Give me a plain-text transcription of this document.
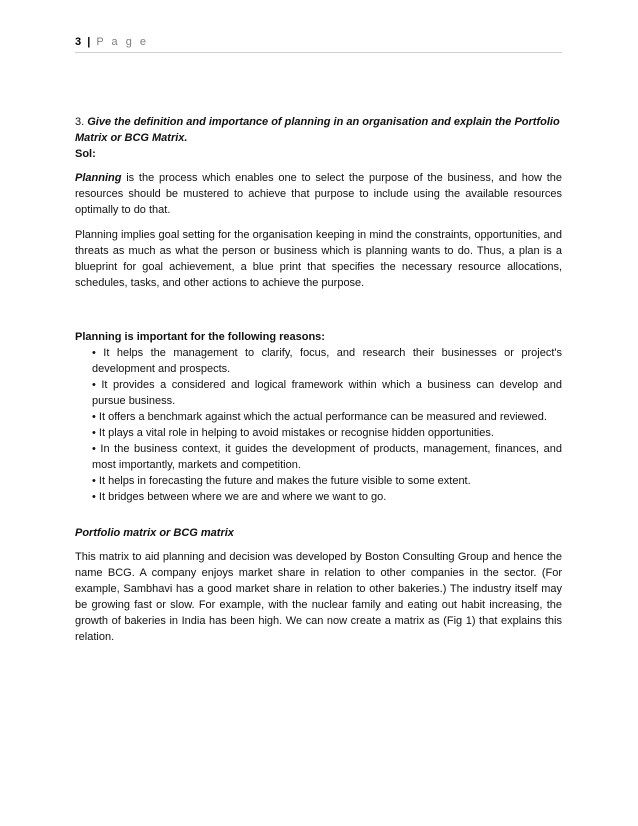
3 | P a g e

3. Give the definition and importance of planning in an organisation and explain the Portfolio Matrix or BCG Matrix.

Sol:

Planning is the process which enables one to select the purpose of the business, and how the resources should be mustered to achieve that purpose to include using the available resources optimally to do that.

Planning implies goal setting for the organisation keeping in mind the constraints, opportunities, and threats as much as what the person or business which is planning wants to do. Thus, a plan is a blueprint for goal achievement, a blue print that specifies the necessary resource allocations, schedules, tasks, and other actions to achieve the purpose.

Planning is important for the following reasons:

• It helps the management to clarify, focus, and research their businesses or project's development and prospects.
• It provides a considered and logical framework within which a business can develop and pursue business.
• It offers a benchmark against which the actual performance can be measured and reviewed.
• It plays a vital role in helping to avoid mistakes or recognise hidden opportunities.
• In the business context, it guides the development of products, management, finances, and most importantly, markets and competition.
• It helps in forecasting the future and makes the future visible to some extent.
• It bridges between where we are and where we want to go.

Portfolio matrix or BCG matrix

This matrix to aid planning and decision was developed by Boston Consulting Group and hence the name BCG. A company enjoys market share in relation to other companies in the sector. (For example, Sambhavi has a good market share in relation to other bakeries.) The industry itself may be growing fast or slow. For example, with the nuclear family and eating out habit increasing, the growth of bakeries in India has been high. We can now create a matrix as (Fig 1) that explains this relation.
